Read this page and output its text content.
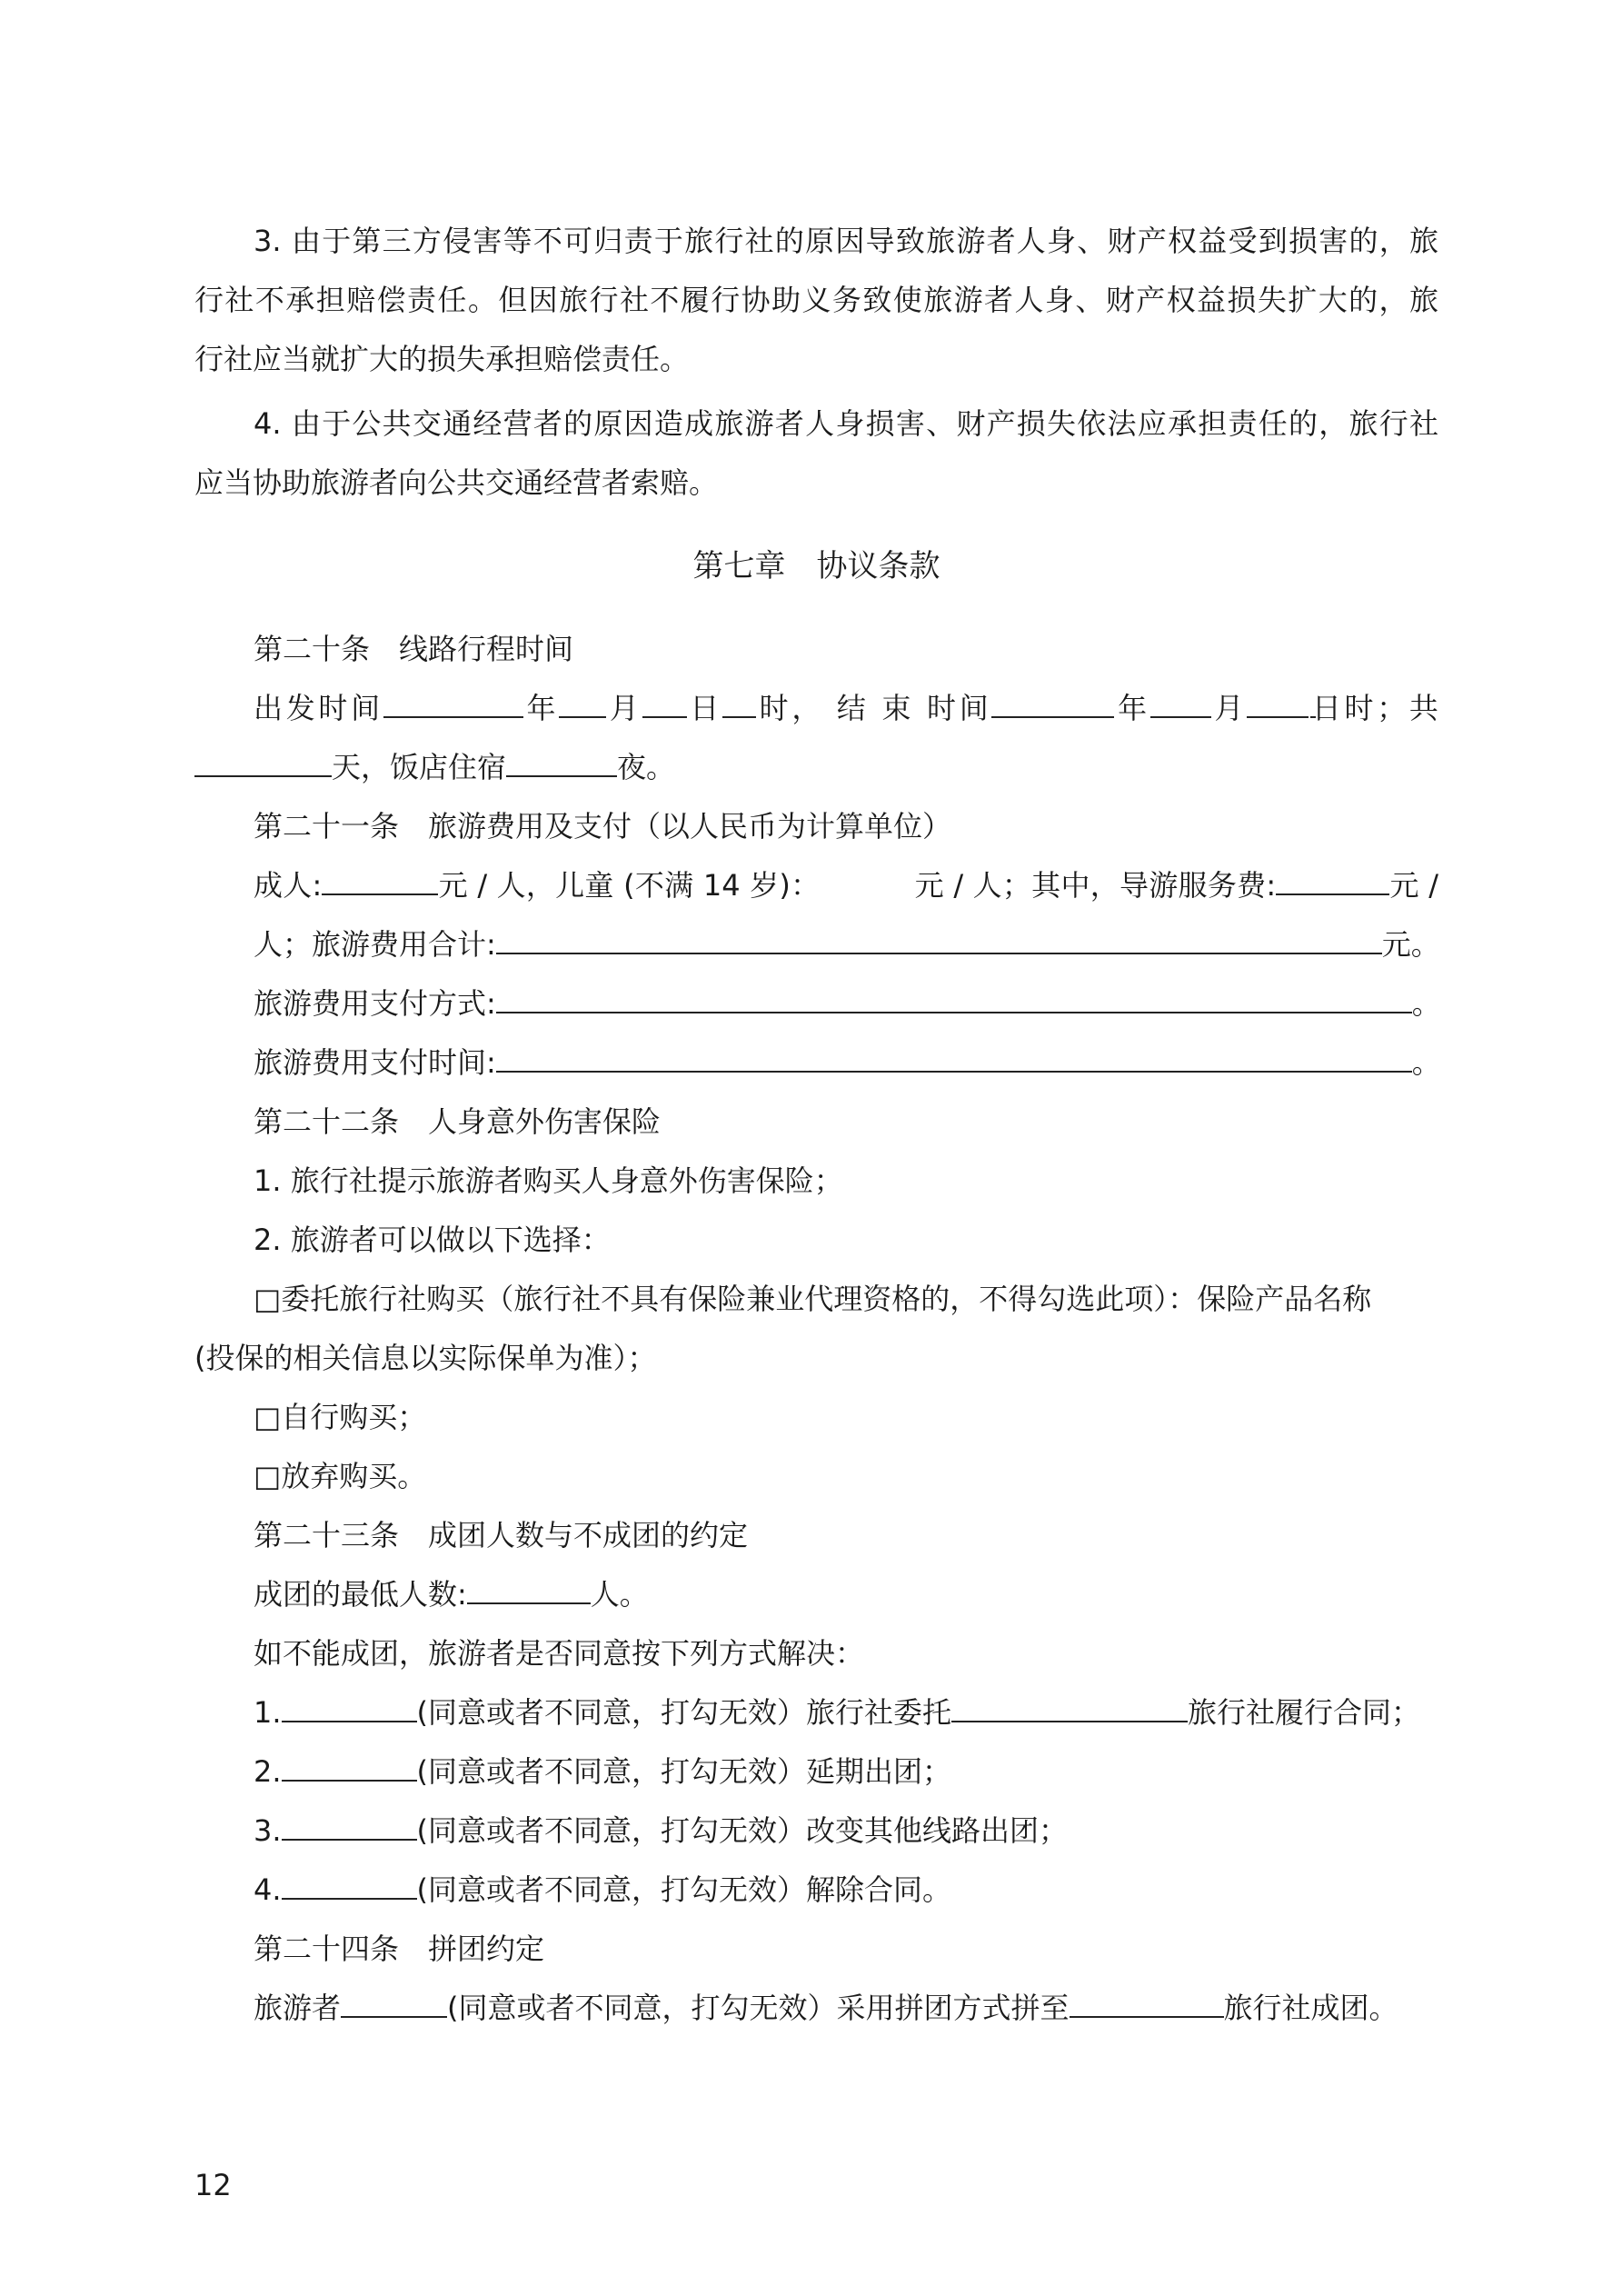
3. 由于第三方侵害等不可归责于旅行社的原因导致旅游者人身、财产权益受到损害的，旅
行社不承担赔偿责任。但因旅行社不履行协助义务致使旅游者人身、财产权益损失扩大的，旅
行社应当就扩大的损失承担赔偿责任。
4. 由于公共交通经营者的原因造成旅游者人身损害、财产损失依法应承担责任的，旅行社
应当协助旅游者向公共交通经营者索赔。
第七章　协议条款
第二十条　线路行程时间
出发时间	年 月 日 时， 结 束 时间	年 月 日时；共
天，饭店住宿	夜。
第二十一条　旅游费用及支付（以人民币为计算单位）
成人:	元 / 人，儿童 (不满 14 岁)：	元 / 人；其中，导游服务费:	元 /
人；旅游费用合计:	元。
旅游费用支付方式:	。
旅游费用支付时间:	。
第二十二条　人身意外伤害保险
1. 旅行社提示旅游者购买人身意外伤害保险；
2. 旅游者可以做以下选择：
□委托旅行社购买（旅行社不具有保险兼业代理资格的，不得勾选此项）：保险产品名称
(投保的相关信息以实际保单为准）；
□自行购买；
□放弃购买。
第二十三条　成团人数与不成团的约定
成团的最低人数:	人。
如不能成团，旅游者是否同意按下列方式解决：
1.	(同意或者不同意，打勾无效）旅行社委托	旅行社履行合同；
2.	(同意或者不同意，打勾无效）延期出团；
3.	(同意或者不同意，打勾无效）改变其他线路出团；
4.	(同意或者不同意，打勾无效）解除合同。
第二十四条　拼团约定
旅游者	(同意或者不同意，打勾无效）采用拼团方式拼至	旅行社成团。
12
